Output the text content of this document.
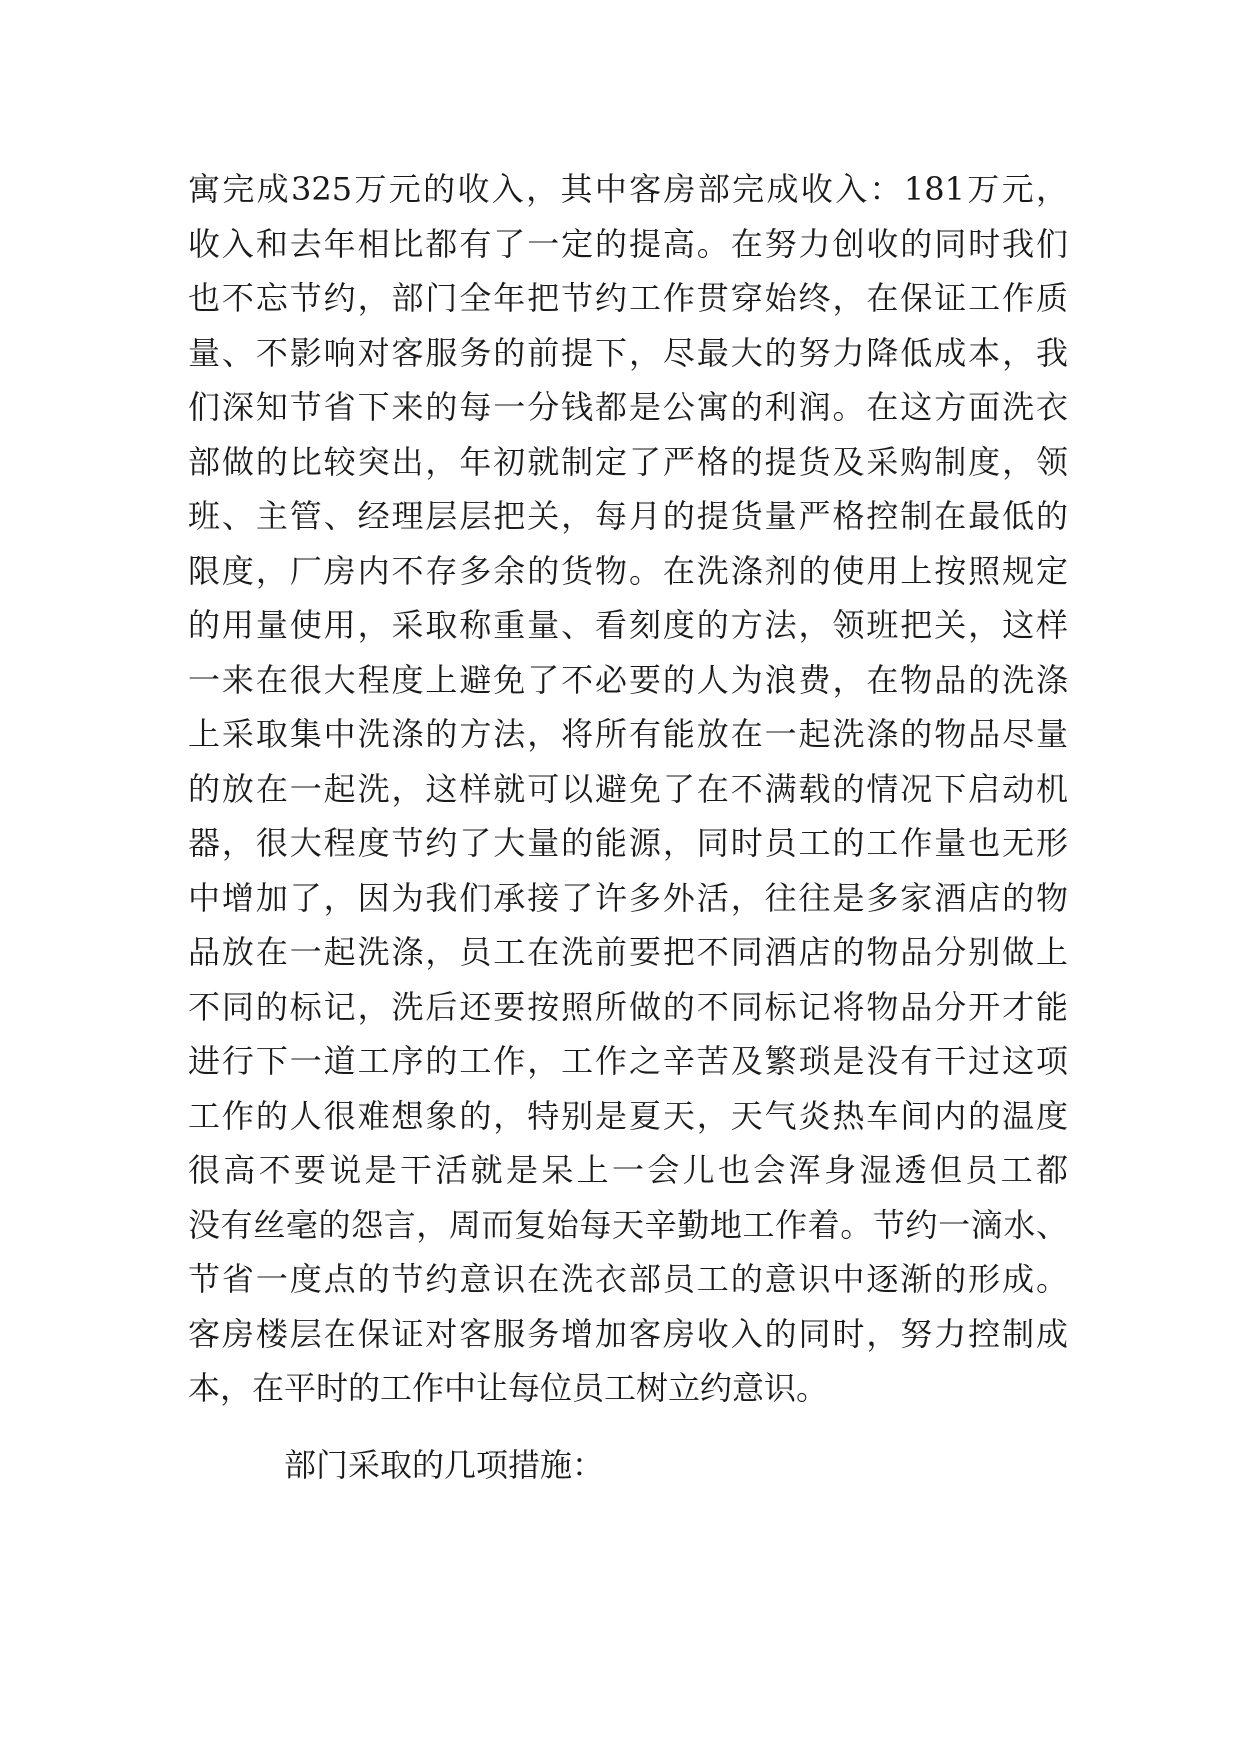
寓完成325万元的收入，其中客房部完成收入：181万元，
收入和去年相比都有了一定的提高。在努力创收的同时我们
也不忘节约，部门全年把节约工作贯穿始终，在保证工作质
量、不影响对客服务的前提下，尽最大的努力降低成本，我
们深知节省下来的每一分钱都是公寓的利润。在这方面洗衣
部做的比较突出，年初就制定了严格的提货及采购制度，领
班、主管、经理层层把关，每月的提货量严格控制在最低的
限度，厂房内不存多余的货物。在洗涤剂的使用上按照规定
的用量使用，采取称重量、看刻度的方法，领班把关，这样
一来在很大程度上避免了不必要的人为浪费，在物品的洗涤
上采取集中洗涤的方法，将所有能放在一起洗涤的物品尽量
的放在一起洗，这样就可以避免了在不满载的情况下启动机
器，很大程度节约了大量的能源，同时员工的工作量也无形
中增加了，因为我们承接了许多外活，往往是多家酒店的物
品放在一起洗涤，员工在洗前要把不同酒店的物品分别做上
不同的标记，洗后还要按照所做的不同标记将物品分开才能
进行下一道工序的工作，工作之辛苦及繁琐是没有干过这项
工作的人很难想象的，特别是夏天，天气炎热车间内的温度
很高不要说是干活就是呆上一会儿也会浑身湿透但员工都
没有丝毫的怨言，周而复始每天辛勤地工作着。节约一滴水、
节省一度点的节约意识在洗衣部员工的意识中逐渐的形成。
客房楼层在保证对客服务增加客房收入的同时，努力控制成
本，在平时的工作中让每位员工树立约意识。
部门采取的几项措施：
